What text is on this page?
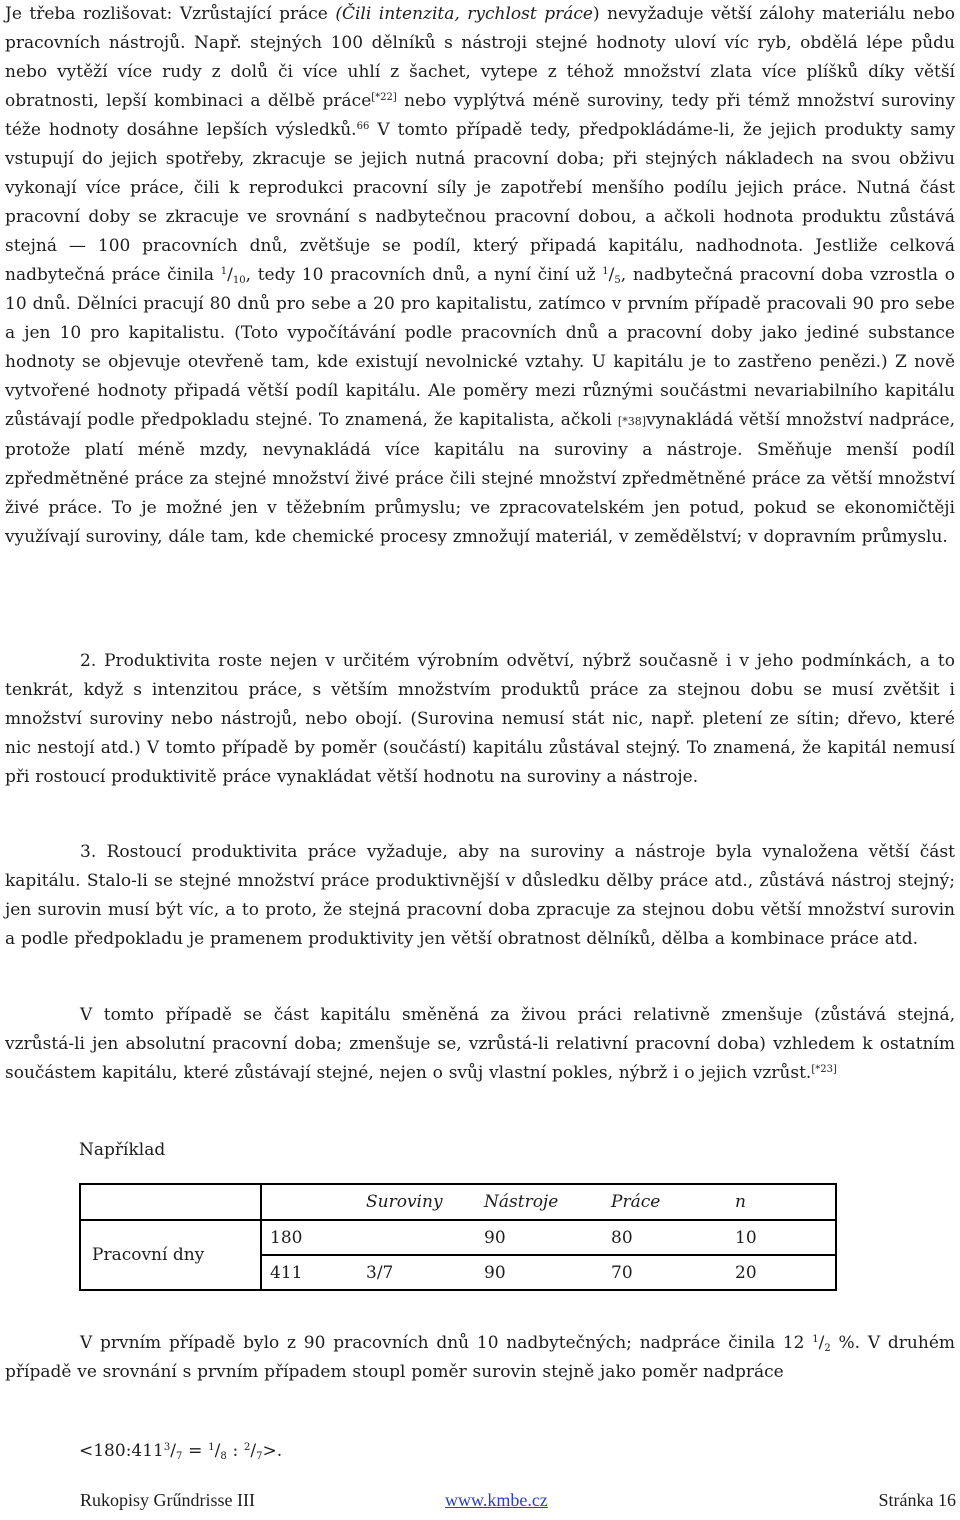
Je třeba rozlišovat: Vzrůstající práce (Čili intenzita, rychlost práce) nevyžaduje větší zálohy materiálu nebo pracovních nástrojů. Např. stejných 100 dělníků s nástroji stejné hodnoty uloví víc ryb, obdělá lépe půdu nebo vytěží více rudy z dolů či více uhlí z šachet, vytepe z téhož množství zlata více plíšků díky větší obratnosti, lepší kombinaci a dělbě práce[*22] nebo vyplýtvá méně suroviny, tedy při témž množství suroviny téže hodnoty dosáhne lepších výsledků.$^{66}$ V tomto případě tedy, předpokládáme-li, že jejich produkty samy vstupují do jejich spotřeby, zkracuje se jejich nutná pracovní doba; při stejných nákladech na svou obživu vykonají více práce, čili k reprodukci pracovní síly je zapotřebí menšího podílu jejich práce. Nutná část pracovní doby se zkracuje ve srovnání s nadbytečnou pracovní dobou, a ačkoli hodnota produktu zůstává stejná — 100 pracovních dnů, zvětšuje se podíl, který připadá kapitálu, nadhodnota. Jestliže celková nadbytečná práce činila $^1/_{10}$, tedy 10 pracovních dnů, a nyní činí už $^1/_5$, nadbytečná pracovní doba vzrostla o 10 dnů. Dělníci pracují 80 dnů pro sebe a 20 pro kapitalistu, zatímco v prvním případě pracovali 90 pro sebe a jen 10 pro kapitalistu. (Toto vypočítávání podle pracovních dnů a pracovní doby jako jediné substance hodnoty se objevuje otevřeně tam, kde existují nevolnické vztahy. U kapitálu je to zastřeno penězi.) Z nově vytvořené hodnoty připadá větší podíl kapitálu. Ale poměry mezi různými součástmi nevariabilního kapitálu zůstávají podle předpokladu stejné. To znamená, že kapitalista, ačkoli [*38]vynakládá větší množství nadpráce, protože platí méně mzdy, nevynakládá více kapitálu na suroviny a nástroje. Směňuje menší podíl zpředmětněné práce za stejné množství živé práce čili stejné množství zpředmětněné práce za větší množství živé práce. To je možné jen v těžebním průmyslu; ve zpracovatelském jen potud, pokud se ekonomičtěji využívají suroviny, dále tam, kde chemické procesy zmnožují materiál, v zemědělství; v dopravním průmyslu.

2. Produktivita roste nejen v určitém výrobním odvětví, nýbrž současně i v jeho podmínkách, a to tenkrát, když s intenzitou práce, s větším množstvím produktů práce za stejnou dobu se musí zvětšit i množství suroviny nebo nástrojů, nebo obojí. (Surovina nemusí stát nic, např. pletení ze sítin; dřevo, které nic nestojí atd.) V tomto případě by poměr (součástí) kapitálu zůstával stejný. To znamená, že kapitál nemusí při rostoucí produktivitě práce vynakládat větší hodnotu na suroviny a nástroje.

3. Rostoucí produktivita práce vyžaduje, aby na suroviny a nástroje byla vynaložena větší část kapitálu. Stalo-li se stejné množství práce produktivnější v důsledku dělby práce atd., zůstává nástroj stejný; jen surovin musí být víc, a to proto, že stejná pracovní doba zpracuje za stejnou dobu větší množství surovin a podle předpokladu je pramenem produktivity jen větší obratnost dělníků, dělba a kombinace práce atd.

V tomto případě se část kapitálu směněná za živou práci relativně zmenšuje (zůstává stejná, vzrůstá-li jen absolutní pracovní doba; zmenšuje se, vzrůstá-li relativní pracovní doba) vzhledem k ostatním součástem kapitálu, které zůstávají stejné, nejen o svůj vlastní pokles, nýbrž i o jejich vzrůst.[*23]

Například

V prvním případě bylo z 90 pracovních dnů 10 nadbytečných; nadpráce činila 12 $^1/_2$ %. V druhém případě ve srovnání s prvním případem stoupl poměr surovin stejně jako poměr nadpráce

$<180:411^3/_7 = ^1/_8$ : $^2/_7>$.

		Suroviny	Nástroje	Práce	n
Pracovní dny	180		90	80	10
	411	3/7	90	70	20
Rukopisy Grűndrisse III	www.kmbe.cz	Stránka 16
